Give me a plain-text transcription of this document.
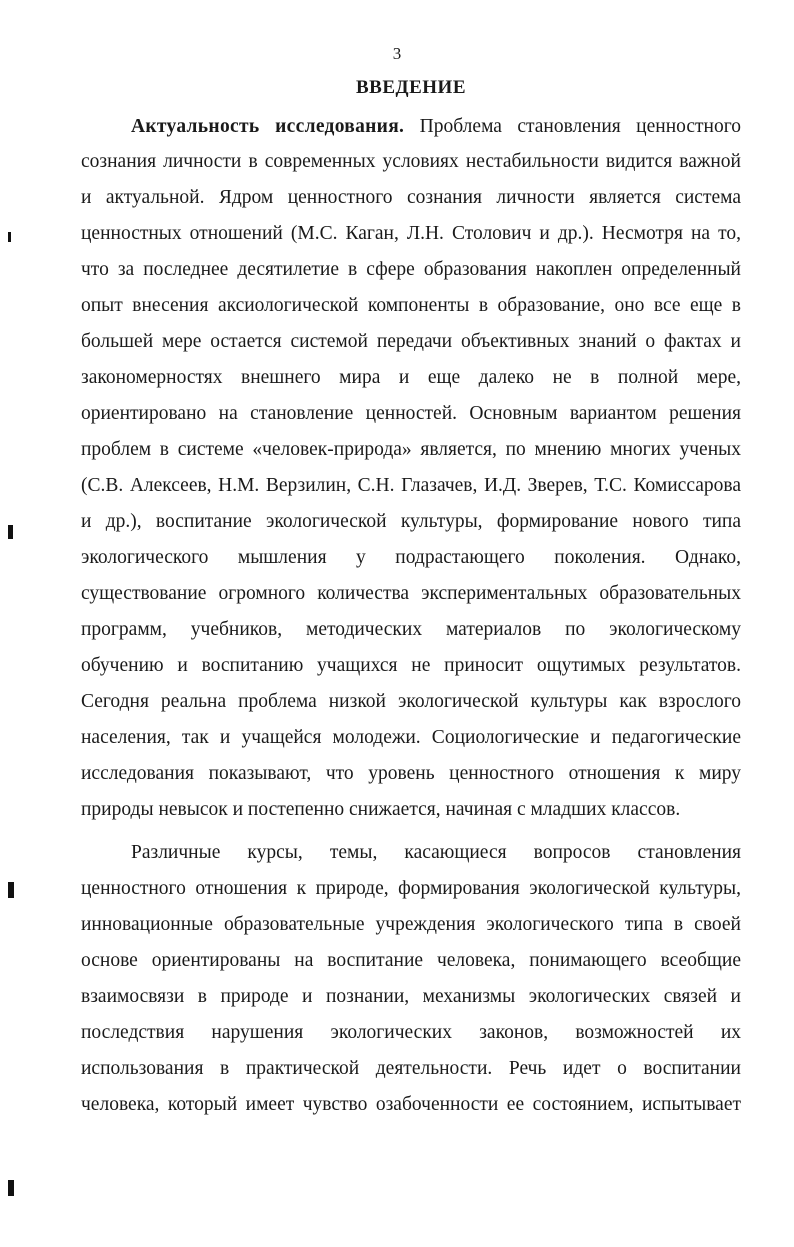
3
ВВЕДЕНИЕ
Актуальность исследования. Проблема становления ценностного
сознания личности в современных условиях нестабильности видится важной
и актуальной. Ядром ценностного сознания личности является система
ценностных отношений (М.С. Каган, Л.Н. Столович и др.). Несмотря на то,
что за последнее десятилетие в сфере образования накоплен определенный
опыт внесения аксиологической компоненты в образование, оно все еще в
большей мере остается системой передачи объективных знаний о фактах и
закономерностях внешнего мира и еще далеко не в полной мере,
ориентировано на становление ценностей. Основным вариантом решения
проблем в системе «человек-природа» является, по мнению многих ученых
(С.В. Алексеев, Н.М. Верзилин, С.Н. Глазачев, И.Д. Зверев, Т.С. Комиссарова
и др.), воспитание экологической культуры, формирование нового типа
экологического мышления у подрастающего поколения. Однако,
существование огромного количества экспериментальных образовательных
программ, учебников, методических материалов по экологическому
обучению и воспитанию учащихся не приносит ощутимых результатов.
Сегодня реальна проблема низкой экологической культуры как взрослого
населения, так и учащейся молодежи. Социологические и педагогические
исследования показывают, что уровень ценностного отношения к миру
природы невысок и постепенно снижается, начиная с младших классов.
Различные курсы, темы, касающиеся вопросов становления
ценностного отношения к природе, формирования экологической культуры,
инновационные образовательные учреждения экологического типа в своей
основе ориентированы на воспитание человека, понимающего всеобщие
взаимосвязи в природе и познании, механизмы экологических связей и
последствия нарушения экологических законов, возможностей их
использования в практической деятельности. Речь идет о воспитании
человека, который имеет чувство озабоченности ее состоянием, испытывает
